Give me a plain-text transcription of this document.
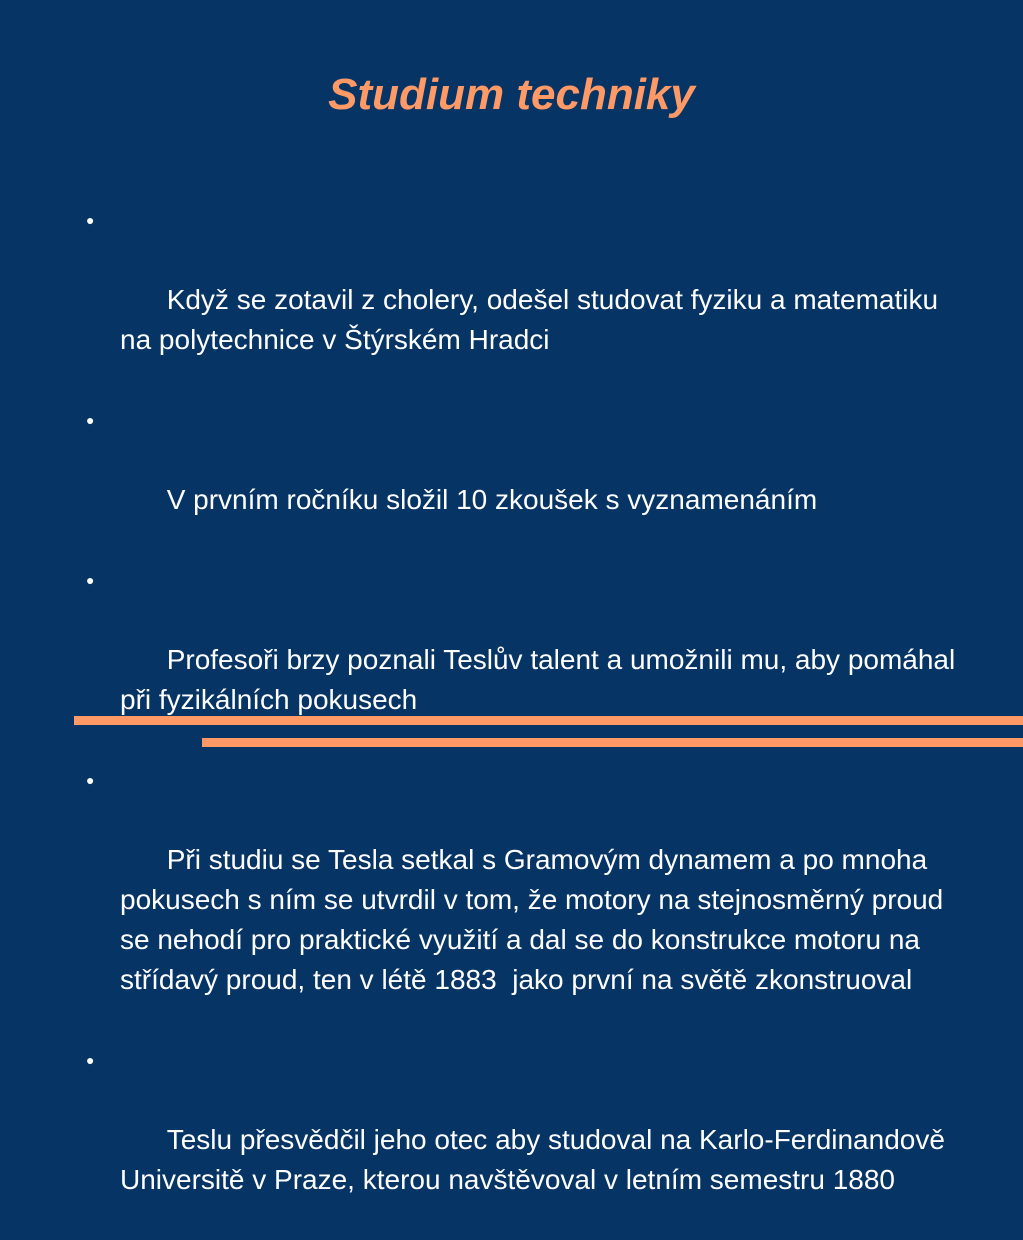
Studium techniky

●

Když se zotavil z cholery, odešel studovat fyziku a matematiku na polytechnice v Štýrském Hradci

●

V prvním ročníku složil 10 zkoušek s vyznamenáním

●

Profesoři brzy poznali Teslův talent a umožnili mu, aby pomáhal při fyzikálních pokusech

●

Při studiu se Tesla setkal s Gramovým dynamem a po mnoha pokusech s ním se utvrdil v tom, že motory na stejnosměrný proud se nehodí pro praktické využití a dal se do konstrukce motoru na střídavý proud, ten v létě 1883  jako první na světě zkonstruoval

●

Teslu přesvědčil jeho otec aby studoval na Karlo-Ferdinandově Universitě v Praze, kterou navštěvoval v letním semestru 1880
